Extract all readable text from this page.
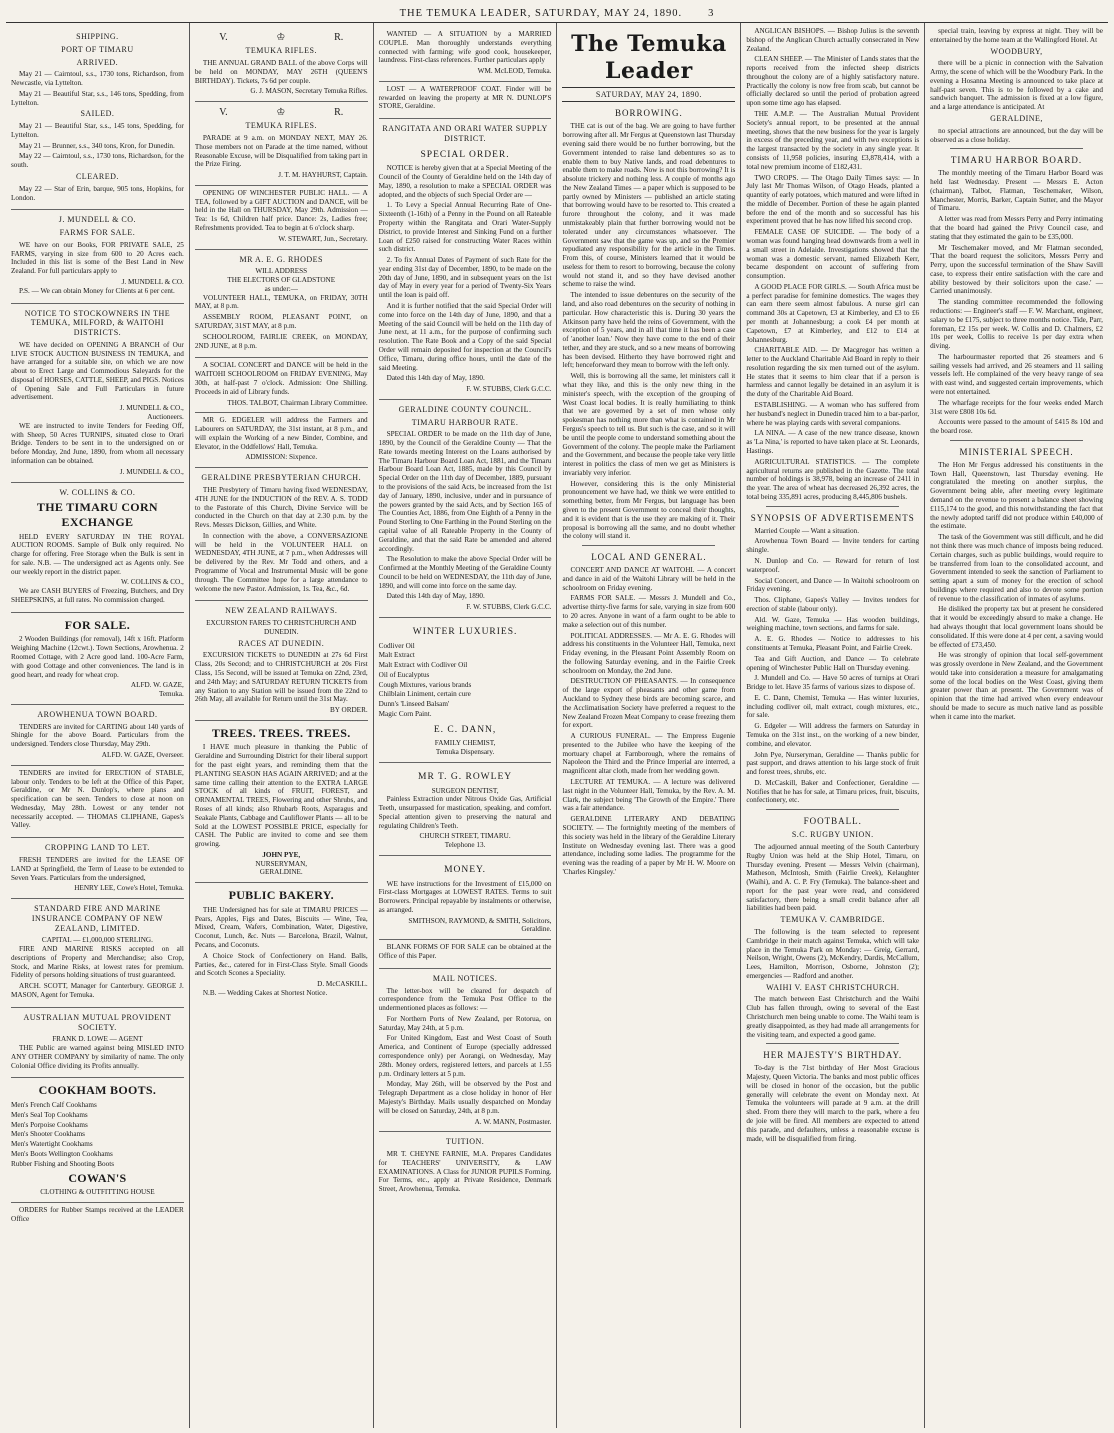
THE TEMUKA LEADER, SATURDAY, MAY 24, 1890. 3
SHIPPING.
PORT OF TIMARU
ARRIVED.
May 21 — Cairntoul, s.s., 1730 tons, Richardson, from Newcastle, via Lyttelton.
May 21 — Beautiful Star, s.s., 146 tons, Spedding, from Lyttelton.
SAILED.
May 21 — Beautiful Star, s.s., 145 tons, Spedding, for Lyttelton.
May 21 — Brunner, s.s., 340 tons, Kron, for Dunedin.
May 22 — Cairntoul, s.s., 1730 tons, Richardson, for the south.
CLEARED.
May 22 — Star of Erin, barque, 905 tons, Hopkins, for London.
J. MUNDELL & CO.
FARMS FOR SALE.
WE have on our Books, FOR PRIVATE SALE, 25 FARMS, varying in size from 600 to 20 Acres each. Included in this list is some of the Best Land in New Zealand. For full particulars apply to
J. MUNDELL & CO.
P.S. — We can obtain Money for Clients at 6 per cent.
NOTICE TO STOCKOWNERS IN THE TEMUKA, MILFORD, & WAITOHI DISTRICTS.
WE have decided on OPENING A BRANCH of Our LIVE STOCK AUCTION BUSINESS IN TEMUKA, and have arranged for a suitable site, on which we are now about to Erect Large and Commodious Saleyards for the disposal of HORSES, CATTLE, SHEEP, and PIGS. Notices of Opening Sale and Full Particulars in future advertisement.
J. MUNDELL & CO.,
Auctioneers.
WE are instructed to invite Tenders for Feeding Off, with Sheep, 50 Acres TURNIPS, situated close to Orari Bridge. Tenders to be sent in to the undersigned on or before Monday, 2nd June, 1890, from whom all necessary information can be obtained.
J. MUNDELL & CO.,
W. COLLINS & CO.
THE TIMARU CORN EXCHANGE
HELD EVERY SATURDAY IN THE ROYAL AUCTION ROOMS. Sample of Bulk only required. No charge for offering. Free Storage when the Bulk is sent in for sale. N.B. — The undersigned act as Agents only. See our weekly report in the district paper.
W. COLLINS & CO.,
We are CASH BUYERS of Freezing, Butchers, and Dry SHEEPSKINS, at full rates. No commission charged.
FOR SALE.
2 Wooden Buildings (for removal), 14ft x 16ft. Platform Weighing Machine (12cwt.). Town Sections, Arowhenua. 2 Roomed Cottage, with 2 Acre good land. 100-Acre Farm, with good Cottage and other conveniences. The land is in good heart, and ready for wheat crop.
ALFD. W. GAZE,
Temuka.
AROWHENUA TOWN BOARD.
TENDERS are invited for CARTING about 140 yards of Shingle for the above Board. Particulars from the undersigned. Tenders close Thursday, May 29th.
ALFD. W. GAZE, Overseer.
TENDERS are invited for ERECTION of STABLE, labour only. Tenders to be left at the Office of this Paper, Geraldine, or Mr N. Dunlop's, where plans and specification can be seen. Tenders to close at noon on Wednesday, May 28th. Lowest or any tender not necessarily accepted. — THOMAS CLIPHANE, Gapes's Valley.
CROPPING LAND TO LET.
FRESH TENDERS are invited for the LEASE OF LAND at Springfield, the Term of Lease to be extended to Seven Years. Particulars from the undersigned,
HENRY LEE, Cowe's Hotel, Temuka.
STANDARD FIRE AND MARINE INSURANCE COMPANY OF NEW ZEALAND, LIMITED.
CAPITAL — £1,000,000 STERLING.
FIRE AND MARINE RISKS accepted on all descriptions of Property and Merchandise; also Crop, Stock, and Marine Risks, at lowest rates for premium. Fidelity of persons holding situations of trust guaranteed.
ARCH. SCOTT, Manager for Canterbury. GEORGE J. MASON, Agent for Temuka.
AUSTRALIAN MUTUAL PROVIDENT SOCIETY.
FRANK D. LOWE — AGENT
THE Public are warned against being MISLED INTO ANY OTHER COMPANY by similarity of name. The only Colonial Office dividing its Profits annually.
COOKHAM BOOTS.
Men's French Calf Cookhams
Men's Seal Top Cookhams
Men's Porpoise Cookhams
Men's Shooter Cookhams
Men's Watertight Cookhams
Men's Boots Wellington Cookhams
Rubber Fishing and Shooting Boots
COWAN'S
CLOTHING & OUTFITTING HOUSE
ORDERS for Rubber Stamps received at the LEADER Office
V.	♔	R.
TEMUKA RIFLES.
THE ANNUAL GRAND BALL of the above Corps will be held on MONDAY, MAY 26TH (QUEEN'S BIRTHDAY). Tickets, 7s 6d per couple.
G. J. MASON, Secretary Temuka Rifles.
V.	♔	R.
TEMUKA RIFLES.
PARADE at 9 a.m. on MONDAY NEXT, MAY 26. Those members not on Parade at the time named, without Reasonable Excuse, will be Disqualified from taking part in the Prize Firing.
J. T. M. HAYHURST, Captain.
OPENING OF WINCHESTER PUBLIC HALL. — A TEA, followed by a GIFT AUCTION and DANCE, will be held in the Hall on THURSDAY, May 29th. Admission — Tea: 1s 6d, Children half price. Dance: 2s, Ladies free; Refreshments provided. Tea to begin at 6 o'clock sharp.
W. STEWART, Jun., Secretary.
MR A. E. G. RHODES
WILL ADDRESS
THE ELECTORS OF GLADSTONE
as under:—
VOLUNTEER HALL, TEMUKA, on FRIDAY, 30TH MAY, at 8 p.m.
ASSEMBLY ROOM, PLEASANT POINT, on SATURDAY, 31ST MAY, at 8 p.m.
SCHOOLROOM, FAIRLIE CREEK, on MONDAY, 2ND JUNE, at 8 p.m.
A SOCIAL CONCERT and DANCE will be held in the WAITOHI SCHOOLROOM on FRIDAY EVENING, May 30th, at half-past 7 o'clock. Admission: One Shilling. Proceeds in aid of Library funds.
THOS. TALBOT, Chairman Library Committee.
MR G. EDGELER will address the Farmers and Labourers on SATURDAY, the 31st instant, at 8 p.m., and will explain the Working of a new Binder, Combine, and Elevator, in the Oddfellows' Hall, Temuka.
ADMISSION: Sixpence.
GERALDINE PRESBYTERIAN CHURCH.
THE Presbytery of Timaru having fixed WEDNESDAY, 4TH JUNE for the INDUCTION of the REV. A. S. TODD to the Pastorate of this Church, Divine Service will be conducted in the Church on that day at 2.30 p.m. by the Revs. Messrs Dickson, Gillies, and White.
In connection with the above, a CONVERSAZIONE will be held in the VOLUNTEER HALL on WEDNESDAY, 4TH JUNE, at 7 p.m., when Addresses will be delivered by the Rev. Mr Todd and others, and a Programme of Vocal and Instrumental Music will be gone through. The Committee hope for a large attendance to welcome the new Pastor. Admission, 1s. Tea, &c., 6d.
NEW ZEALAND RAILWAYS.
EXCURSION FARES TO CHRISTCHURCH AND DUNEDIN.
RACES AT DUNEDIN.
EXCURSION TICKETS to DUNEDIN at 27s 6d First Class, 20s Second; and to CHRISTCHURCH at 20s First Class, 15s Second, will be issued at Temuka on 22nd, 23rd, and 24th May; and SATURDAY RETURN TICKETS from any Station to any Station will be issued from the 22nd to 26th May, all available for Return until the 31st May.
BY ORDER.
TREES. TREES. TREES.
I HAVE much pleasure in thanking the Public of Geraldine and Surrounding District for their liberal support for the past eight years, and reminding them that the PLANTING SEASON HAS AGAIN ARRIVED; and at the same time calling their attention to the EXTRA LARGE STOCK of all kinds of FRUIT, FOREST, and ORNAMENTAL TREES, Flowering and other Shrubs, and Roses of all kinds; also Rhubarb Roots, Asparagus and Seakale Plants, Cabbage and Cauliflower Plants — all to be Sold at the LOWEST POSSIBLE PRICE, especially for CASH. The Public are invited to come and see them growing.
JOHN PYE,
NURSERYMAN,
GERALDINE.
PUBLIC BAKERY.
THE Undersigned has for sale at TIMARU PRICES — Pears, Apples, Figs and Dates, Biscuits — Wine, Tea, Mixed, Cream, Wafers, Combination, Water, Digestive, Coconut, Lunch, &c. Nuts — Barcelona, Brazil, Walnut, Pecans, and Coconuts.
A Choice Stock of Confectionery on Hand. Balls, Parties, &c., catered for in First-Class Style. Small Goods and Scotch Scones a Speciality.
D. McCASKILL.
N.B. — Wedding Cakes at Shortest Notice.
WANTED — A SITUATION by a MARRIED COUPLE. Man thoroughly understands everything connected with farming; wife good cook, housekeeper, laundress. First-class references. Further particulars apply
WM. McLEOD, Temuka.
LOST — A WATERPROOF COAT. Finder will be rewarded on leaving the property at MR N. DUNLOP'S STORE, Geraldine.
RANGITATA AND ORARI WATER SUPPLY DISTRICT.
SPECIAL ORDER.
NOTICE is hereby given that at a Special Meeting of the Council of the County of Geraldine held on the 14th day of May, 1890, a resolution to make a SPECIAL ORDER was adopted, and the objects of such Special Order are —
1. To Levy a Special Annual Recurring Rate of One-Sixteenth (1-16th) of a Penny in the Pound on all Rateable Property within the Rangitata and Orari Water-Supply District, to provide Interest and Sinking Fund on a further Loan of £250 raised for constructing Water Races within such district.
2. To fix Annual Dates of Payment of such Rate for the year ending 31st day of December, 1890, to be made on the 20th day of June, 1890, and in subsequent years on the 1st day of May in every year for a period of Twenty-Six Years until the loan is paid off.
And it is further notified that the said Special Order will come into force on the 14th day of June, 1890, and that a Meeting of the said Council will be held on the 11th day of June next, at 11 a.m., for the purpose of confirming such resolution. The Rate Book and a Copy of the said Special Order will remain deposited for inspection at the Council's Office, Timaru, during office hours, until the date of the said Meeting.
Dated this 14th day of May, 1890.
F. W. STUBBS, Clerk G.C.C.
GERALDINE COUNTY COUNCIL.
TIMARU HARBOUR RATE.
SPECIAL ORDER to be made on the 11th day of June, 1890, by the Council of the Geraldine County — That the Rate towards meeting Interest on the Loans authorised by The Timaru Harbour Board Loan Act, 1881, and the Timaru Harbour Board Loan Act, 1885, made by this Council by Special Order on the 11th day of December, 1889, pursuant to the provisions of the said Acts, be increased from the 1st day of January, 1890, inclusive, under and in pursuance of the powers granted by the said Acts, and by Section 165 of The Counties Act, 1886, from One Eighth of a Penny in the Pound Sterling to One Farthing in the Pound Sterling on the capital value of all Rateable Property in the County of Geraldine, and that the said Rate be amended and altered accordingly.
The Resolution to make the above Special Order will be Confirmed at the Monthly Meeting of the Geraldine County Council to be held on WEDNESDAY, the 11th day of June, 1890, and will come into force on the same day.
Dated this 14th day of May, 1890.
F. W. STUBBS, Clerk G.C.C.
WINTER LUXURIES.
Codliver Oil
Malt Extract
Malt Extract with Codliver Oil
Oil of Eucalyptus
Cough Mixtures, various brands
Chilblain Liniment, certain cure
Dunn's 'Linseed Balsam'
Magic Corn Paint.
E. C. DANN,
FAMILY CHEMIST,
Temuka Dispensary.
MR T. G. ROWLEY
SURGEON DENTIST,
Painless Extraction under Nitrous Oxide Gas, Artificial Teeth, unsurpassed for mastication, speaking, and comfort. Special attention given to preserving the natural and regulating Children's Teeth.
CHURCH STREET, TIMARU.
Telephone 13.
MONEY.
WE have instructions for the Investment of £15,000 on First-class Mortgages at LOWEST RATES. Terms to suit Borrowers. Principal repayable by instalments or otherwise, as arranged.
SMITHSON, RAYMOND, & SMITH, Solicitors, Geraldine.
BLANK FORMS OF FOR SALE can be obtained at the Office of this Paper.
MAIL NOTICES.
The letter-box will be cleared for despatch of correspondence from the Temuka Post Office to the undermentioned places as follows: —
For Northern Ports of New Zealand, per Rotorua, on Saturday, May 24th, at 5 p.m.
For United Kingdom, East and West Coast of South America, and Continent of Europe (specially addressed correspondence only) per Aorangi, on Wednesday, May 28th. Money orders, registered letters, and parcels at 1.55 p.m. Ordinary letters at 5 p.m.
Monday, May 26th, will be observed by the Post and Telegraph Department as a close holiday in honor of Her Majesty's Birthday. Mails usually despatched on Monday will be closed on Saturday, 24th, at 8 p.m.
A. W. MANN, Postmaster.
TUITION.
MR T. CHEYNE FARNIE, M.A. Prepares Candidates for TEACHERS' UNIVERSITY, & LAW EXAMINATIONS. A Class for JUNIOR PUPILS Forming. For Terms, etc., apply at Private Residence, Denmark Street, Arowhenua, Temuka.
The Temuka Leader
SATURDAY, MAY 24, 1890.
BORROWING.
THE cat is out of the bag. We are going to have further borrowing after all. Mr Fergus at Queenstown last Thursday evening said there would be no further borrowing, but the Government intended to raise land debentures so as to enable them to buy Native lands, and road debentures to enable them to make roads. Now is not this borrowing? It is absolute trickery and nothing less. A couple of months ago the New Zealand Times — a paper which is supposed to be partly owned by Ministers — published an article stating that borrowing would have to be resorted to. This created a furore throughout the colony, and it was made unmistakeably plain that further borrowing would not be tolerated under any circumstances whatsoever. The Government saw that the game was up, and so the Premier repudiated any responsibility for the article in the Times. From this, of course, Ministers learned that it would be useless for them to resort to borrowing, because the colony would not stand it, and so they have devised another scheme to raise the wind.
The intended to issue debentures on the security of the land, and also road debentures on the security of nothing in particular. How characteristic this is. During 30 years the Atkinson party have held the reins of Government, with the exception of 5 years, and in all that time it has been a case of 'another loan.' Now they have come to the end of their tether, and they are stuck, and so a new means of borrowing has been devised. Hitherto they have borrowed right and left; henceforward they mean to borrow with the left only.
Well, this is borrowing all the same, let ministers call it what they like, and this is the only new thing in the minister's speech, with the exception of the grouping of West Coast local bodies. It is really humiliating to think that we are governed by a set of men whose only spokesman has nothing more than what is contained in Mr Fergus's speech to tell us. But such is the case, and so it will be until the people come to understand something about the Government of the colony. The people make the Parliament and the Government, and because the people take very little interest in politics the class of men we get as Ministers is invariably very inferior.
However, considering this is the only Ministerial pronouncement we have had, we think we were entitled to something better, from Mr Fergus, but language has been given to the present Government to conceal their thoughts, and it is evident that is the use they are making of it. Their proposal is borrowing all the same, and no doubt whether the colony will stand it.
LOCAL AND GENERAL.
CONCERT AND DANCE AT WAITOHI. — A concert and dance in aid of the Waitohi Library will be held in the schoolroom on Friday evening.
FARMS FOR SALE. — Messrs J. Mundell and Co., advertise thirty-five farms for sale, varying in size from 600 to 20 acres. Anyone in want of a farm ought to be able to make a selection out of this number.
POLITICAL ADDRESSES. — Mr A. E. G. Rhodes will address his constituents in the Volunteer Hall, Temuka, next Friday evening, in the Pleasant Point Assembly Room on the following Saturday evening, and in the Fairlie Creek schoolroom on Monday, the 2nd June.
DESTRUCTION OF PHEASANTS. — In consequence of the large export of pheasants and other game from Auckland to Sydney these birds are becoming scarce, and the Acclimatisation Society have preferred a request to the New Zealand Frozen Meat Company to cease freezing them for export.
A CURIOUS FUNERAL. — The Empress Eugenie presented to the Jubilee who have the keeping of the mortuary chapel at Farnborough, where the remains of Napoleon the Third and the Prince Imperial are interred, a magnificent altar cloth, made from her wedding gown.
LECTURE AT TEMUKA. — A lecture was delivered last night in the Volunteer Hall, Temuka, by the Rev. A. M. Clark, the subject being 'The Growth of the Empire.' There was a fair attendance.
GERALDINE LITERARY AND DEBATING SOCIETY. — The fortnightly meeting of the members of this society was held in the library of the Geraldine Literary Institute on Wednesday evening last. There was a good attendance, including some ladies. The programme for the evening was the reading of a paper by Mr H. W. Moore on 'Charles Kingsley.'
ANGLICAN BISHOPS. — Bishop Julius is the seventh bishop of the Anglican Church actually consecrated in New Zealand.
CLEAN SHEEP. — The Minister of Lands states that the reports received from the infected sheep districts throughout the colony are of a highly satisfactory nature. Practically the colony is now free from scab, but cannot be officially declared so until the period of probation agreed upon some time ago has elapsed.
THE A.M.P. — The Australian Mutual Provident Society's annual report, to be presented at the annual meeting, shows that the new business for the year is largely in excess of the preceding year, and with two exceptions is the largest transacted by the society in any single year. It consists of 11,958 policies, insuring £3,878,414, with a total new premium income of £182,431.
TWO CROPS. — The Otago Daily Times says: — In July last Mr Thomas Wilson, of Otago Heads, planted a quantity of early potatoes, which matured and were lifted in the middle of December. Portion of these he again planted before the end of the month and so successful has his experiment proved that he has now lifted his second crop.
FEMALE CASE OF SUICIDE. — The body of a woman was found hanging head downwards from a well in a small street in Adelaide. Investigations showed that the woman was a domestic servant, named Elizabeth Kerr, became despondent on account of suffering from consumption.
A GOOD PLACE FOR GIRLS. — South Africa must be a perfect paradise for feminine domestics. The wages they can earn there seem almost fabulous. A nurse girl can command 30s at Capetown, £3 at Kimberley, and £3 to £6 per month at Johannesburg; a cook £4 per month at Capetown, £7 at Kimberley, and £12 to £14 at Johannesburg.
CHARITABLE AID. — Dr Macgregor has written a letter to the Auckland Charitable Aid Board in reply to their resolution regarding the six men turned out of the asylum. He states that it seems to him clear that if a person is harmless and cannot legally be detained in an asylum it is the duty of the Charitable Aid Board.
ESTABLISHING. — A woman who has suffered from her husband's neglect in Dunedin traced him to a bar-parlor, where he was playing cards with several companions.
LA NINA. — A case of the new trance disease, known as 'La Nina,' is reported to have taken place at St. Leonards, Hastings.
AGRICULTURAL STATISTICS. — The complete agricultural returns are published in the Gazette. The total number of holdings is 38,978, being an increase of 2411 in the year. The area of wheat has decreased 26,392 acres, the total being 335,891 acres, producing 8,445,806 bushels.
SYNOPSIS OF ADVERTISEMENTS
Married Couple — Want a situation.
Arowhenua Town Board — Invite tenders for carting shingle.
N. Dunlop and Co. — Reward for return of lost waterproof.
Social Concert, and Dance — In Waitohi schoolroom on Friday evening.
Thos. Cliphane, Gapes's Valley — Invites tenders for erection of stable (labour only).
Ald. W. Gaze, Temuka — Has wooden buildings, weighing machine, town sections, and farms for sale.
A. E. G. Rhodes — Notice to addresses to his constituents at Temuka, Pleasant Point, and Fairlie Creek.
Tea and Gift Auction, and Dance — To celebrate opening of Winchester Public Hall on Thursday evening.
J. Mundell and Co. — Have 50 acres of turnips at Orari Bridge to let. Have 35 farms of various sizes to dispose of.
E. C. Dann, Chemist, Temuka — Has winter luxuries, including codliver oil, malt extract, cough mixtures, etc., for sale.
G. Edgeler — Will address the farmers on Saturday in Temuka on the 31st inst., on the working of a new binder, combine, and elevator.
John Pye, Nurseryman, Geraldine — Thanks public for past support, and draws attention to his large stock of fruit and forest trees, shrubs, etc.
D. McCaskill, Baker and Confectioner, Geraldine — Notifies that he has for sale, at Timaru prices, fruit, biscuits, confectionery, etc.
FOOTBALL.
S.C. RUGBY UNION.
The adjourned annual meeting of the South Canterbury Rugby Union was held at the Ship Hotel, Timaru, on Thursday evening. Present — Messrs Velvin (chairman), Matheson, McIntosh, Smith (Fairlie Creek), Kelaughter (Waihi), and A. C. P. Fry (Temuka). The balance-sheet and report for the past year were read, and considered satisfactory, there being a small credit balance after all liabilities had been paid.
TEMUKA V. CAMBRIDGE.
The following is the team selected to represent Cambridge in their match against Temuka, which will take place in the Temuka Park on Monday: — Greig, Gerrard, Neilson, Wright, Owens (2), McKendry, Dardis, McCallum, Lees, Hamilton, Morrison, Osborne, Johnston (2); emergencies — Radford and another.
WAIHI V. EAST CHRISTCHURCH.
The match between East Christchurch and the Waihi Club has fallen through, owing to several of the East Christchurch men being unable to come. The Waihi team is greatly disappointed, as they had made all arrangements for the visiting team, and expected a good game.
HER MAJESTY'S BIRTHDAY.
To-day is the 71st birthday of Her Most Gracious Majesty, Queen Victoria. The banks and most public offices will be closed in honor of the occasion, but the public generally will celebrate the event on Monday next. At Temuka the volunteers will parade at 9 a.m. at the drill shed. From there they will march to the park, where a feu de joie will be fired. All members are expected to attend this parade, and defaulters, unless a reasonable excuse is made, will be disqualified from firing.
special train, leaving by express at night. They will be entertained by the home team at the Wallingford Hotel. At
WOODBURY,
there will be a picnic in connection with the Salvation Army, the scene of which will be the Woodbury Park. In the evening a Hosanna Meeting is announced to take place at half-past seven. This is to be followed by a cake and sandwich banquet. The admission is fixed at a low figure, and a large attendance is anticipated. At
GERALDINE,
no special attractions are announced, but the day will be observed as a close holiday.
TIMARU HARBOR BOARD.
The monthly meeting of the Timaru Harbor Board was held last Wednesday. Present — Messrs E. Acton (chairman), Talbot, Flatman, Teschemaker, Wilson, Manchester, Morris, Barker, Captain Sutter, and the Mayor of Timaru.
A letter was read from Messrs Perry and Perry intimating that the board had gained the Privy Council case, and stating that they estimated the gain to be £35,000.
Mr Teschemaker moved, and Mr Flatman seconded, 'That the board request the solicitors, Messrs Perry and Perry, upon the successful termination of the Shaw Savill case, to express their entire satisfaction with the care and ability bestowed by their solicitors upon the case.' — Carried unanimously.
The standing committee recommended the following reductions: — Engineer's staff — F. W. Marchant, engineer, salary to be £175, subject to three months notice. Tide, Parr, foreman, £2 15s per week. W. Collis and D. Chalmers, £2 10s per week, Collis to receive 1s per day extra when diving.
The harbourmaster reported that 26 steamers and 6 sailing vessels had arrived, and 26 steamers and 11 sailing vessels left. He complained of the very heavy range of sea with east wind, and suggested certain improvements, which were not entertained.
The wharfage receipts for the four weeks ended March 31st were £808 10s 6d.
Accounts were passed to the amount of £415 8s 10d and the board rose.
MINISTERIAL SPEECH.
The Hon Mr Fergus addressed his constituents in the Town Hall, Queenstown, last Thursday evening. He congratulated the meeting on another surplus, the Government being able, after meeting every legitimate demand on the revenue to present a balance sheet showing £115,174 to the good, and this notwithstanding the fact that the newly adopted tariff did not produce within £40,000 of the estimate.
The task of the Government was still difficult, and he did not think there was much chance of imposts being reduced. Certain charges, such as public buildings, would require to be transferred from loan to the consolidated account, and Government intended to seek the sanction of Parliament to setting apart a sum of money for the erection of school buildings where required and also to devote some portion of revenue to the classification of inmates of asylums.
He disliked the property tax but at present he considered that it would be exceedingly absurd to make a change. He had always thought that local government loans should be consolidated. If this were done at 4 per cent, a saving would be effected of £73,450.
He was strongly of opinion that local self-government was grossly overdone in New Zealand, and the Government would take into consideration a measure for amalgamating some of the local bodies on the West Coast, giving them greater power than at present. The Government was of opinion that the time had arrived when every endeavour should be made to secure as much native land as possible when it came into the market.
